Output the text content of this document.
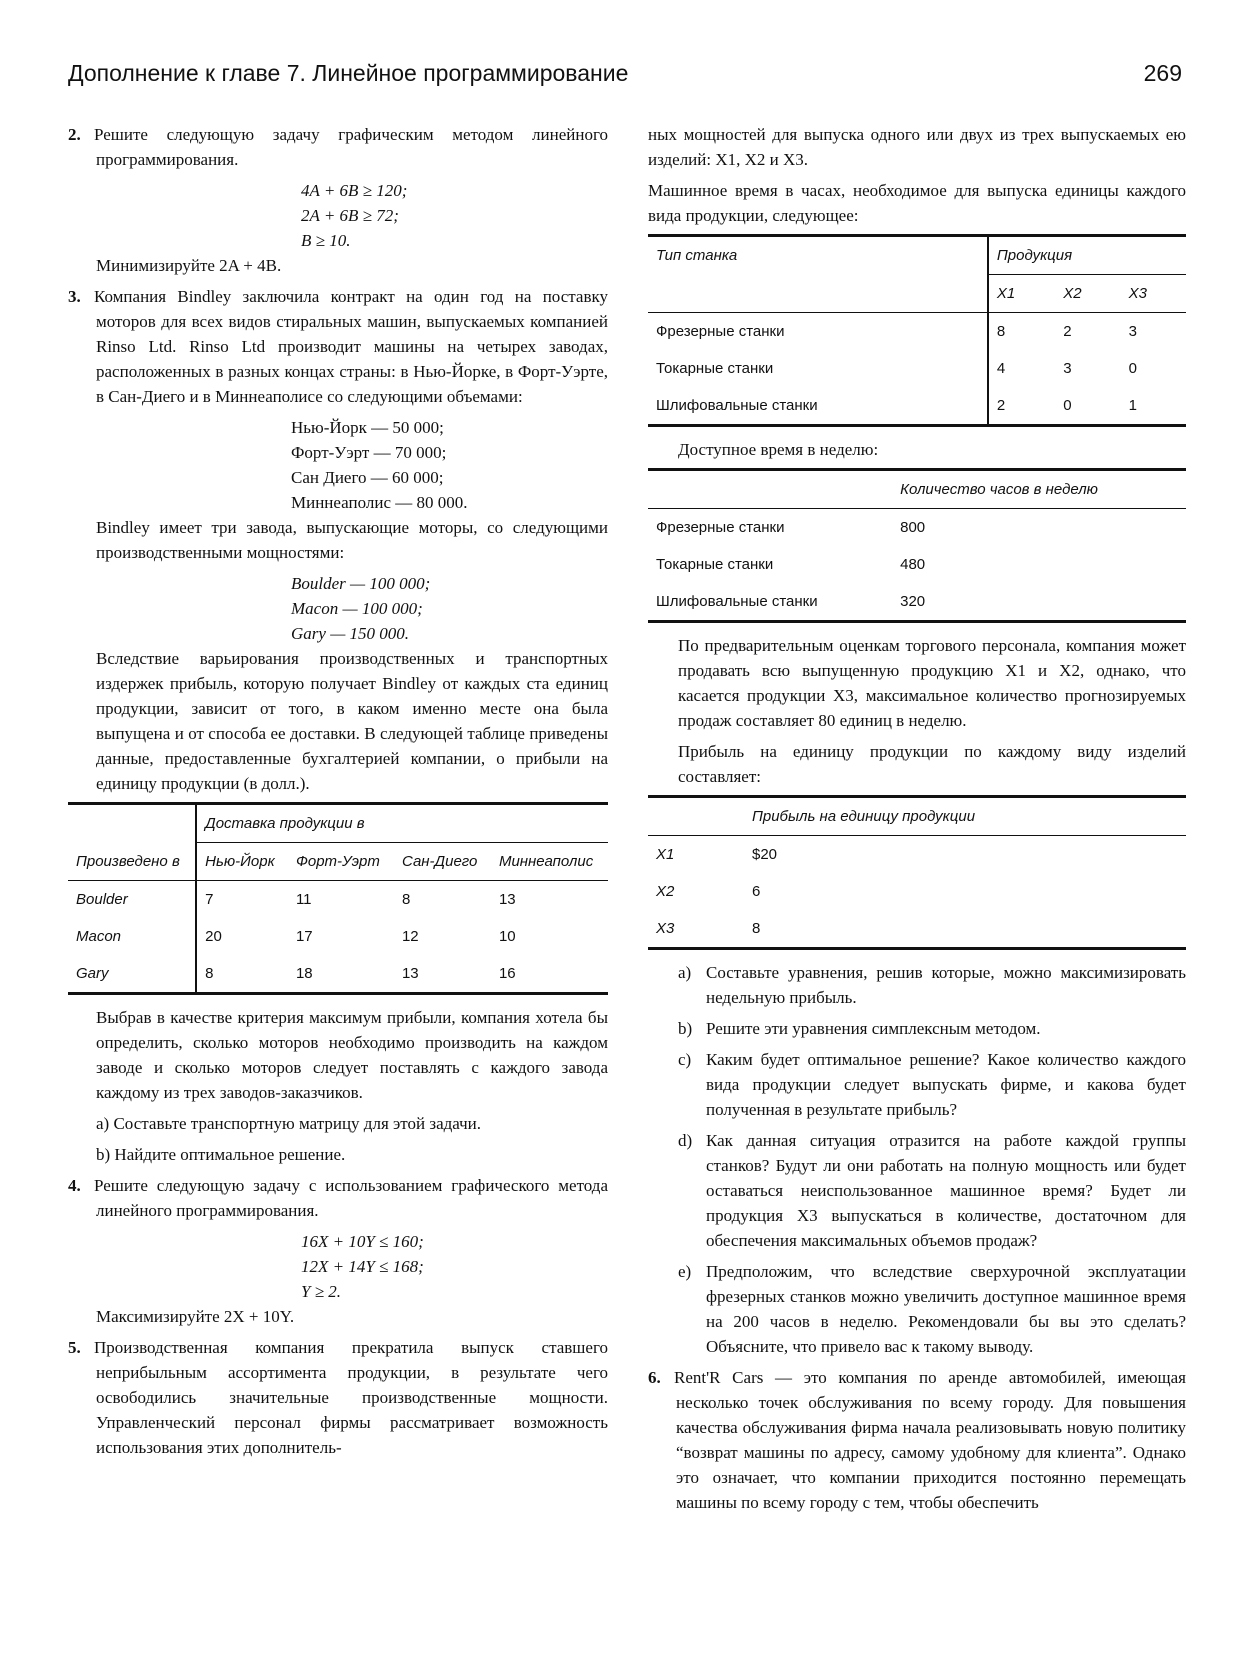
Дополнение к главе 7. Линейное программирование	269

2. Решите следующую задачу графическим методом линейного программирования.

4A + 6B ≥ 120;
2A + 6B ≥ 72;
B ≥ 10.

Минимизируйте 2A + 4B.

3. Компания Bindley заключила контракт на один год на поставку моторов для всех видов стиральных машин, выпускаемых компанией Rinso Ltd. Rinso Ltd производит машины на четырех заводах, расположенных в разных концах страны: в Нью-Йорке, в Форт-Уэрте, в Сан-Диего и в Миннеаполисе со следующими объемами:

Нью-Йорк — 50 000;
Форт-Уэрт — 70 000;
Сан Диего — 60 000;
Миннеаполис — 80 000.

Bindley имеет три завода, выпускающие моторы, со следующими производственными мощностями:

Boulder — 100 000;
Macon — 100 000;
Gary — 150 000.

Вследствие варьирования производственных и транспортных издержек прибыль, которую получает Bindley от каждых ста единиц продукции, зависит от того, в каком именно месте она была выпущена и от способа ее доставки. В следующей таблице приведены данные, предоставленные бухгалтерией компании, о прибыли на единицу продукции (в долл.).

	Доставка продукции в			
Произведено в	Нью-Йорк	Форт-Уэрт	Сан-Диего	Миннеаполис
Boulder	7	11	8	13
Macon	20	17	12	10
Gary	8	18	13	16

Выбрав в качестве критерия максимум прибыли, компания хотела бы определить, сколько моторов необходимо производить на каждом заводе и сколько моторов следует поставлять с каждого завода каждому из трех заводов-заказчиков.

а) Составьте транспортную матрицу для этой задачи.

b) Найдите оптимальное решение.

4. Решите следующую задачу с использованием графического метода линейного программирования.

16X + 10Y ≤ 160;
12X + 14Y ≤ 168;
Y ≥ 2.

Максимизируйте 2X + 10Y.

5. Производственная компания прекратила выпуск ставшего неприбыльным ассортимента продукции, в результате чего освободились значительные производственные мощности. Управленческий персонал фирмы рассматривает возможность использования этих дополнитель-

ных мощностей для выпуска одного или двух из трех выпускаемых ею изделий: X1, X2 и X3.

Машинное время в часах, необходимое для выпуска единицы каждого вида продукции, следующее:

Тип станка	Продукция		
	X1	X2	X3
Фрезерные станки	8	2	3
Токарные станки	4	3	0
Шлифовальные станки	2	0	1

Доступное время в неделю:

	Количество часов в неделю
Фрезерные станки	800
Токарные станки	480
Шлифовальные станки	320

По предварительным оценкам торгового персонала, компания может продавать всю выпущенную продукцию X1 и X2, однако, что касается продукции X3, максимальное количество прогнозируемых продаж составляет 80 единиц в неделю.

Прибыль на единицу продукции по каждому виду изделий составляет:

	Прибыль на единицу продукции
X1	$20
X2	6
X3	8
a) Составьте уравнения, решив которые, можно максимизировать недельную прибыль.
b) Решите эти уравнения симплексным методом.
c) Каким будет оптимальное решение? Какое количество каждого вида продукции следует выпускать фирме, и какова будет полученная в результате прибыль?
d) Как данная ситуация отразится на работе каждой группы станков? Будут ли они работать на полную мощность или будет оставаться неиспользованное машинное время? Будет ли продукция X3 выпускаться в количестве, достаточном для обеспечения максимальных объемов продаж?
e) Предположим, что вследствие сверхурочной эксплуатации фрезерных станков можно увеличить доступное машинное время на 200 часов в неделю. Рекомендовали бы вы это сделать? Объясните, что привело вас к такому выводу.

6. Rent'R Cars — это компания по аренде автомобилей, имеющая несколько точек обслуживания по всему городу. Для повышения качества обслуживания фирма начала реализовывать новую политику “возврат машины по адресу, самому удобному для клиента”. Однако это означает, что компании приходится постоянно перемещать машины по всему городу с тем, чтобы обеспечить
